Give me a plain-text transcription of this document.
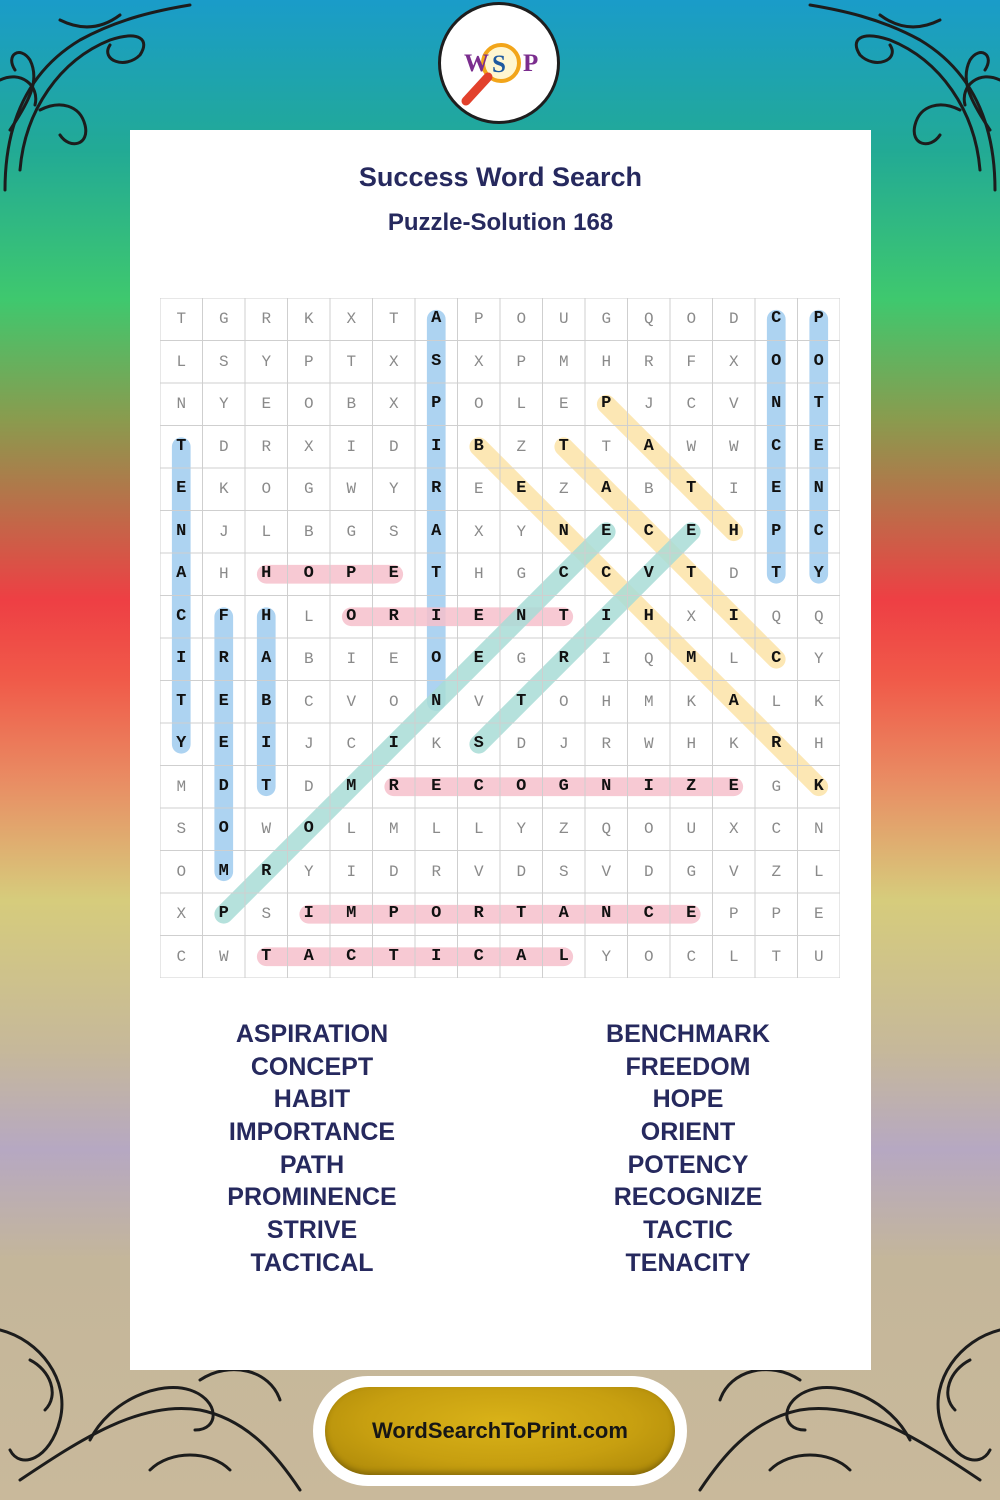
W S P
Success Word Search
Puzzle-Solution 168
T	G	R	K	X	T	A	P	O	U	G	Q	O	D	C	P
L	S	Y	P	T	X	S	X	P	M	H	R	F	X	O	O
N	Y	E	O	B	X	P	O	L	E	P	J	C	V	N	T
T	D	R	X	I	D	I	B	Z	T	T	A	W	W	C	E
E	K	O	G	W	Y	R	E	E	Z	A	B	T	I	E	N
N	J	L	B	G	S	A	X	Y	N	E	C	E	H	P	C
A	H	H	O	P	E	T	H	G	C	C	V	T	D	T	Y
C	F	H	L	O	R	I	E	N	T	I	H	X	I	Q	Q
I	R	A	B	I	E	O	E	G	R	I	Q	M	L	C	Y
T	E	B	C	V	O	N	V	T	O	H	M	K	A	L	K
Y	E	I	J	C	I	K	S	D	J	R	W	H	K	R	H
M	D	T	D	M	R	E	C	O	G	N	I	Z	E	G	K
S	O	W	O	L	M	L	L	Y	Z	Q	O	U	X	C	N
O	M	R	Y	I	D	R	V	D	S	V	D	G	V	Z	L
X	P	S	I	M	P	O	R	T	A	N	C	E	P	P	E
C	W	T	A	C	T	I	C	A	L	Y	O	C	L	T	U
ASPIRATION
CONCEPT
HABIT
IMPORTANCE
PATH
PROMINENCE
STRIVE
TACTICAL
BENCHMARK
FREEDOM
HOPE
ORIENT
POTENCY
RECOGNIZE
TACTIC
TENACITY
WordSearchToPrint.com
